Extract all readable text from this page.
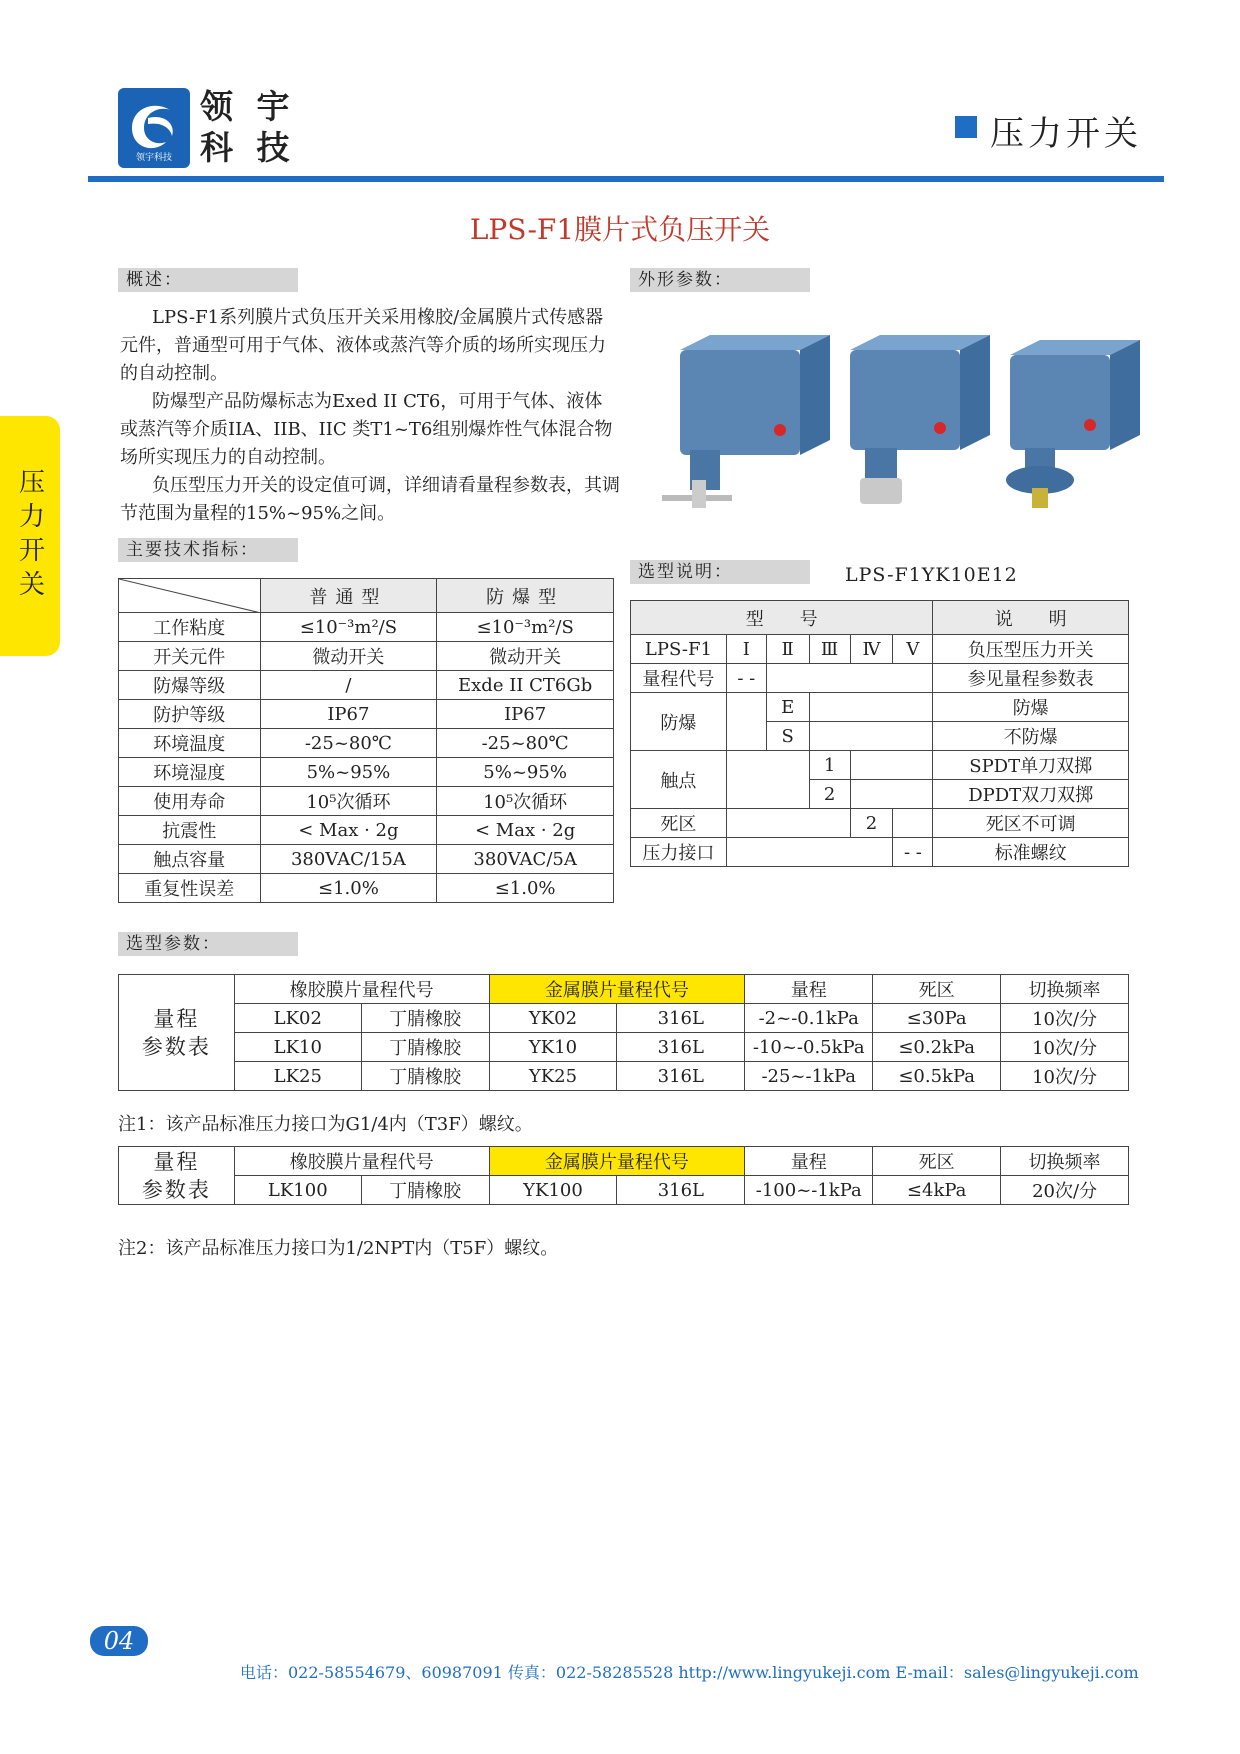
领宇科技
领 宇
科 技	压力开关
压力开关
LPS-F1膜片式负压开关
概述：

LPS-F1系列膜片式负压开关采用橡胶/金属膜片式传感器元件，普通型可用于气体、液体或蒸汽等介质的场所实现压力的自动控制。

防爆型产品防爆标志为Exed II CT6，可用于气体、液体或蒸汽等介质IIA、IIB、IIC 类T1~T6组别爆炸性气体混合物场所实现压力的自动控制。

负压型压力开关的设定值可调，详细请看量程参数表，其调节范围为量程的15%~95%之间。

外形参数：
主要技术指标：
	普通型	防爆型
工作粘度	≤10⁻³m²/S	≤10⁻³m²/S
开关元件	微动开关	微动开关
防爆等级	/	Exde II CT6Gb
防护等级	IP67	IP67
环境温度	-25~80℃	-25~80℃
环境湿度	5%~95%	5%~95%
使用寿命	10⁵次循环	10⁵次循环
抗震性	< Max · 2g	< Max · 2g
触点容量	380VAC/15A	380VAC/5A
重复性误差	≤1.0%	≤1.0%
选型说明：	LPS-F1YK10E12
型　　号						说　　明
LPS-F1	Ⅰ	Ⅱ	Ⅲ	Ⅳ	Ⅴ	负压型压力开关
量程代号	- -					参见量程参数表
防爆		E				防爆
		S				不防爆
触点			1			SPDT单刀双掷
			2			DPDT双刀双掷
死区				2		死区不可调
压力接口					- -	标准螺纹
选型参数：
量程
参数表	橡胶膜片量程代号		金属膜片量程代号		量程	死区	切换频率
	LK02	丁腈橡胶	YK02	316L	-2~-0.1kPa	≤30Pa	10次/分
	LK10	丁腈橡胶	YK10	316L	-10~-0.5kPa	≤0.2kPa	10次/分
	LK25	丁腈橡胶	YK25	316L	-25~-1kPa	≤0.5kPa	10次/分
注1：该产品标准压力接口为G1/4内（T3F）螺纹。
量程
参数表	橡胶膜片量程代号		金属膜片量程代号		量程	死区	切换频率
	LK100	丁腈橡胶	YK100	316L	-100~-1kPa	≤4kPa	20次/分
注2：该产品标准压力接口为1/2NPT内（T5F）螺纹。
04
电话：022-58554679、60987091 传真：022-58285528 http://www.lingyukeji.com E-mail：sales@lingyukeji.com
